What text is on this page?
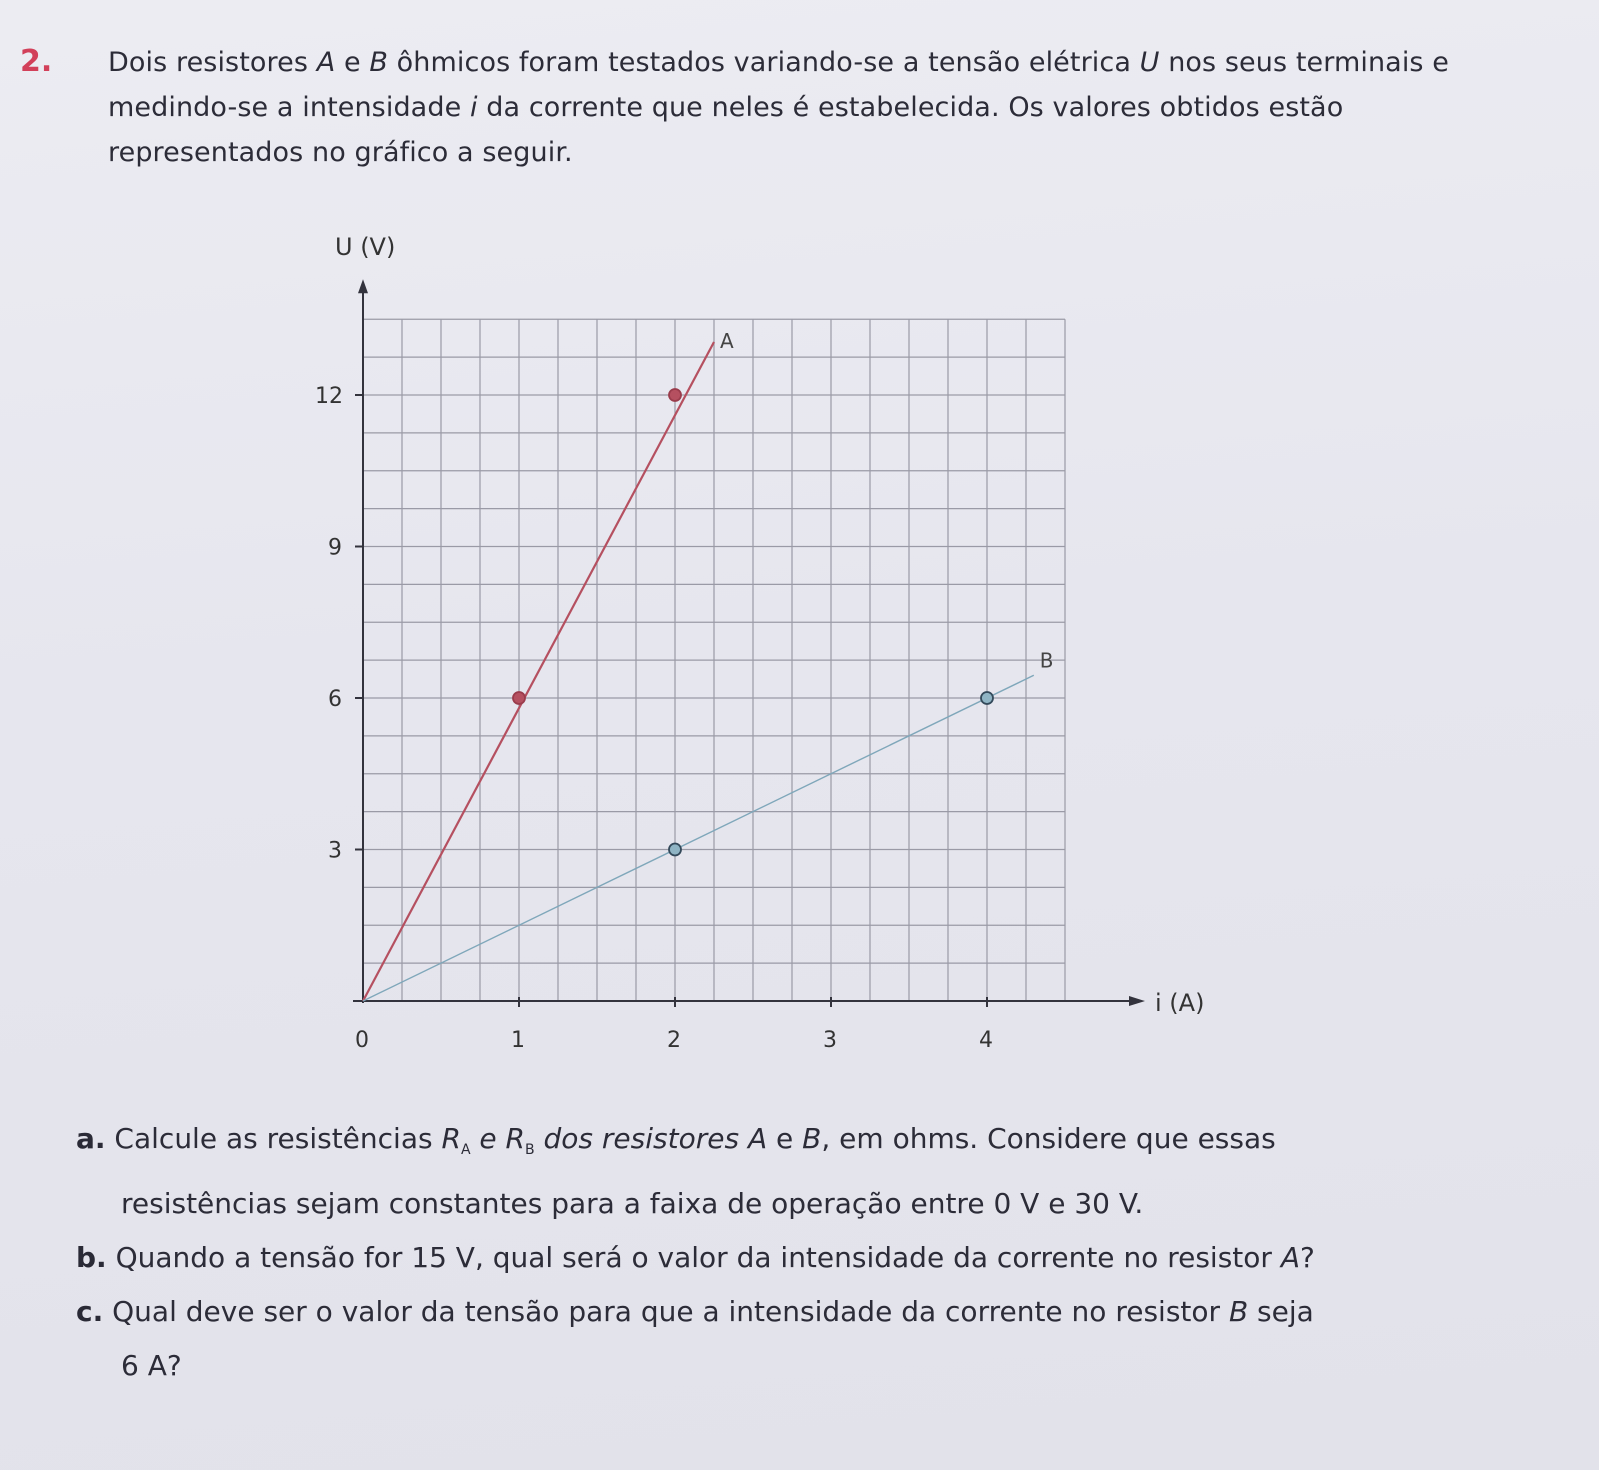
2. Dois resistores A e B ôhmicos foram testados variando-se a tensão elétrica U nos seus terminais e medindo-se a intensidade i da corrente que neles é estabelecida. Os valores obtidos estão representados no gráfico a seguir.
0	1	2	3	4
3
6
9
12
A
B
U (V)
i (A)
a. Calcule as resistências $R_A$ e $R_B$ dos resistores A e B, em ohms. Considere que essas
resistências sejam constantes para a faixa de operação entre 0 V e 30 V.
b. Quando a tensão for 15 V, qual será o valor da intensidade da corrente no resistor A?
c. Qual deve ser o valor da tensão para que a intensidade da corrente no resistor B seja
6 A?
